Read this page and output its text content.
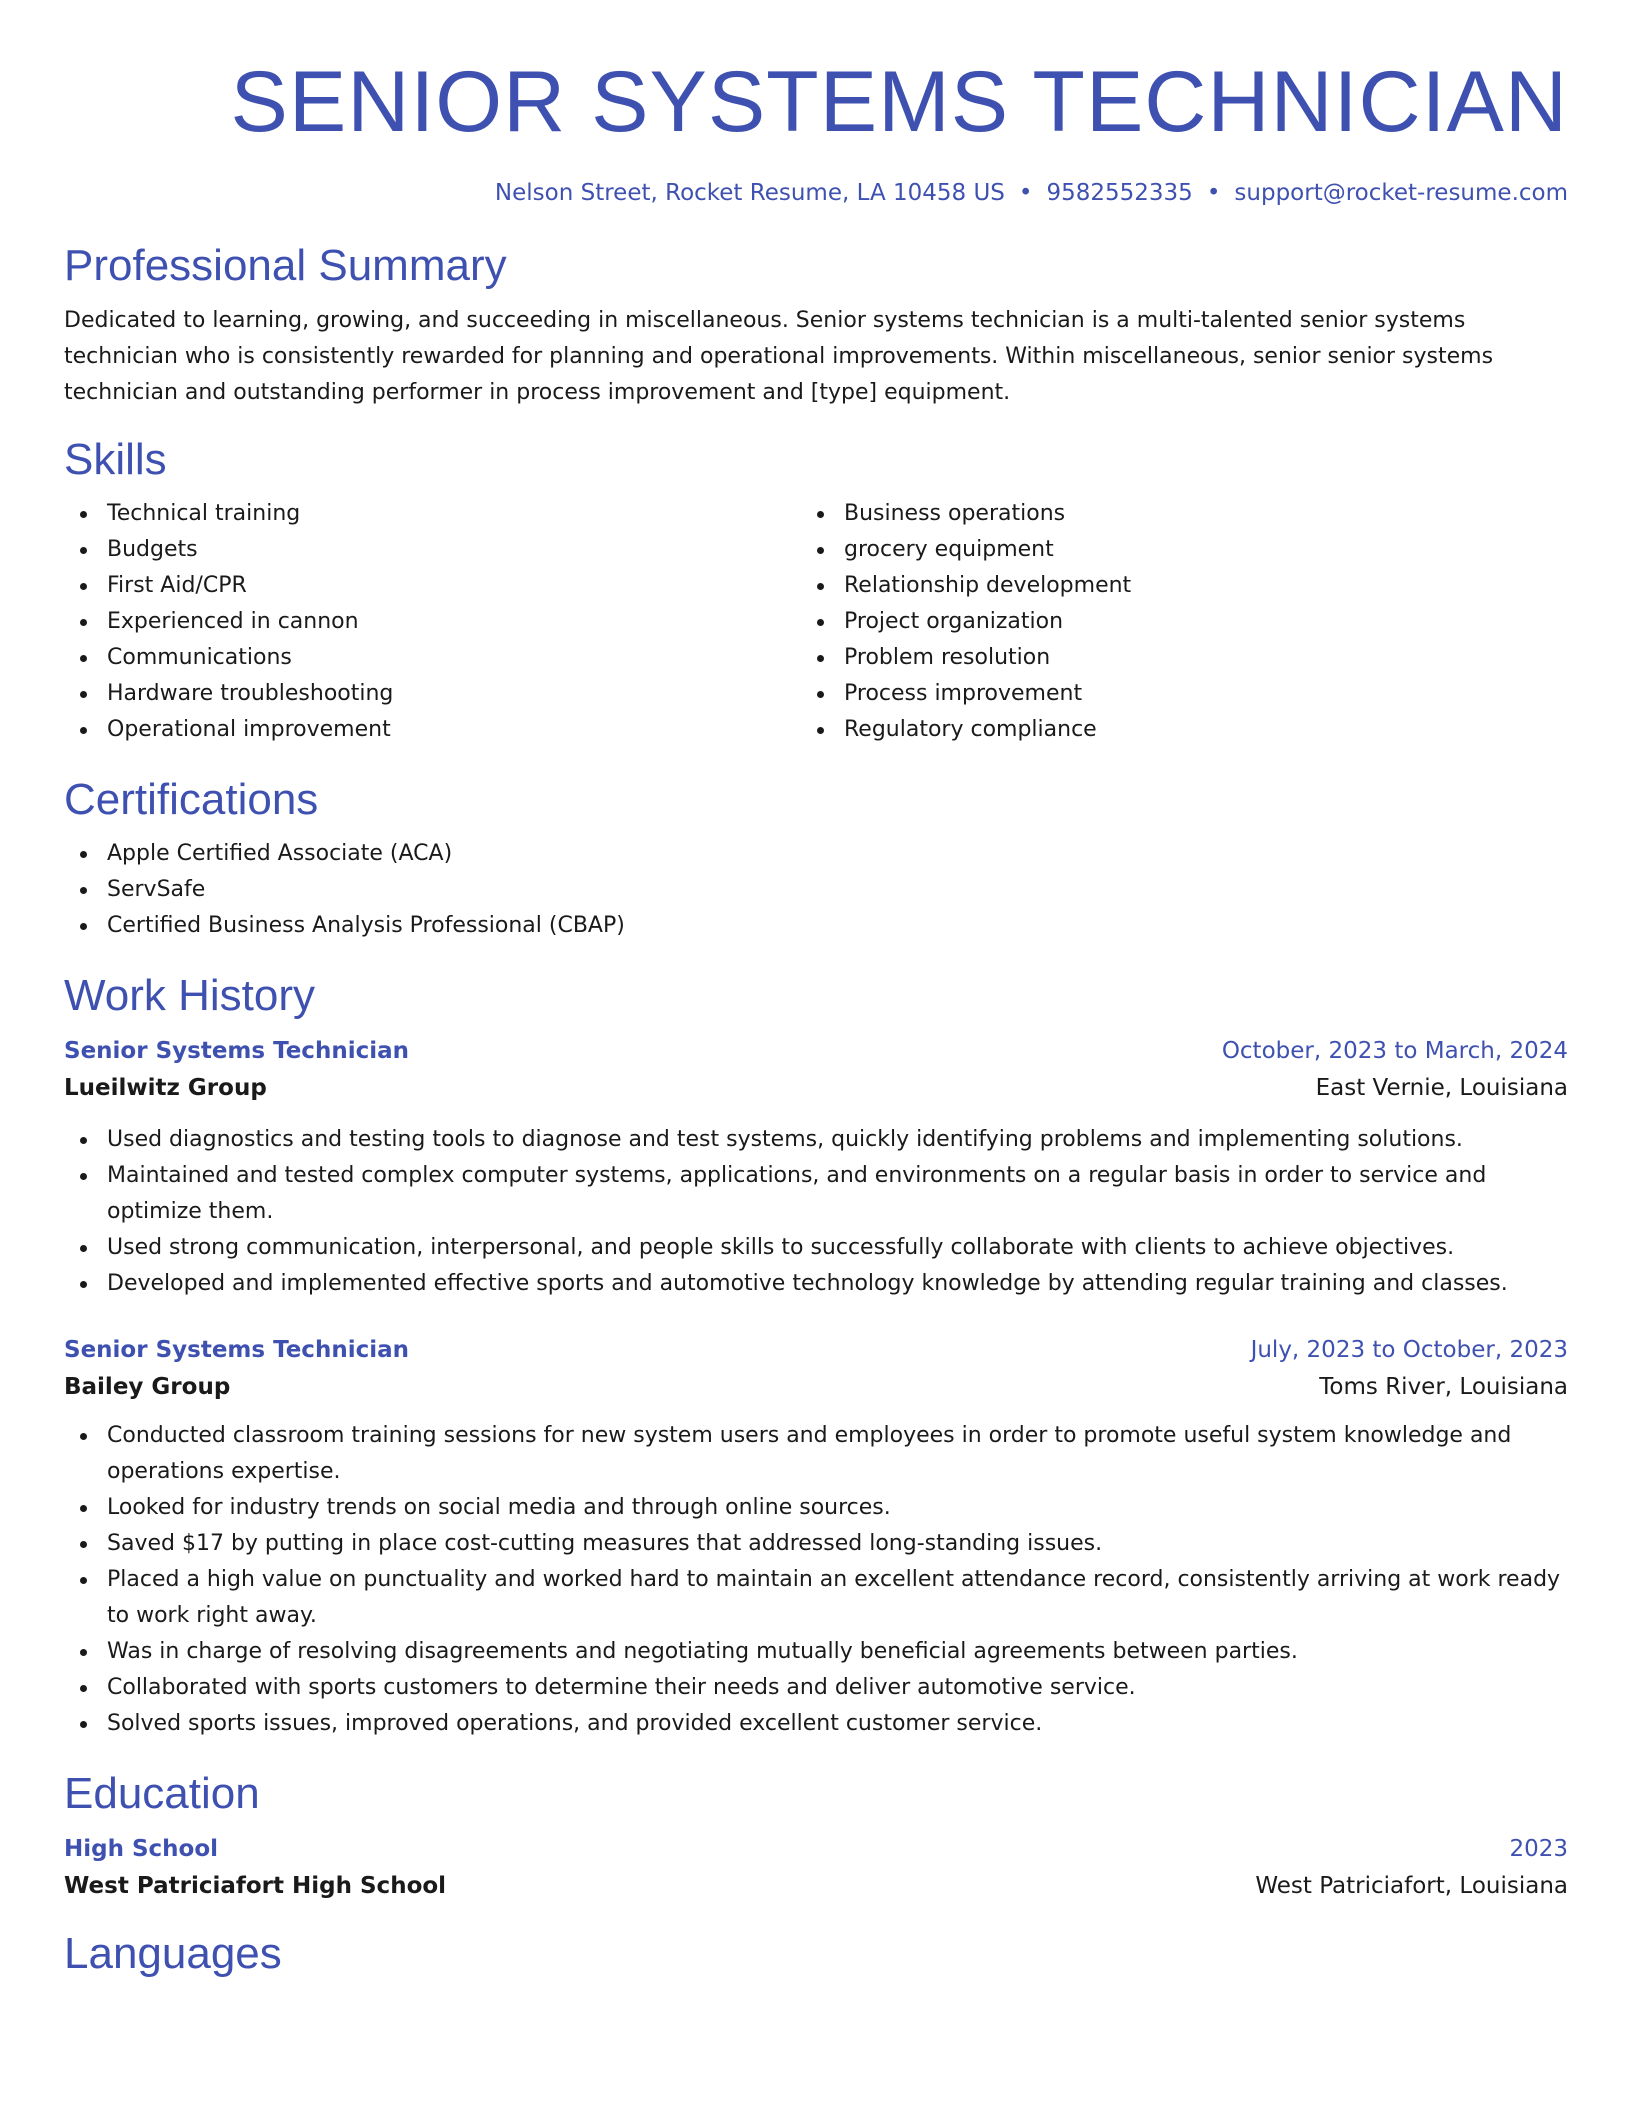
SENIOR SYSTEMS TECHNICIAN
Nelson Street, Rocket Resume, LA 10458 US • 9582552335 • support@rocket-resume.com
Professional Summary

Dedicated to learning, growing, and succeeding in miscellaneous. Senior systems technician is a multi-talented senior systems technician who is consistently rewarded for planning and operational improvements. Within miscellaneous, senior senior systems technician and outstanding performer in process improvement and [type] equipment.

Skills
Technical training
Budgets
First Aid/CPR
Experienced in cannon
Communications
Hardware troubleshooting
Operational improvement
Business operations
grocery equipment
Relationship development
Project organization
Problem resolution
Process improvement
Regulatory compliance
Certifications
Apple Certified Associate (ACA)
ServSafe
Certified Business Analysis Professional (CBAP)
Work History
Senior Systems Technician	October, 2023 to March, 2024
Lueilwitz Group	East Vernie, Louisiana
Used diagnostics and testing tools to diagnose and test systems, quickly identifying problems and implementing solutions.
Maintained and tested complex computer systems, applications, and environments on a regular basis in order to service and optimize them.
Used strong communication, interpersonal, and people skills to successfully collaborate with clients to achieve objectives.
Developed and implemented effective sports and automotive technology knowledge by attending regular training and classes.
Senior Systems Technician	July, 2023 to October, 2023
Bailey Group	Toms River, Louisiana
Conducted classroom training sessions for new system users and employees in order to promote useful system knowledge and operations expertise.
Looked for industry trends on social media and through online sources.
Saved $17 by putting in place cost-cutting measures that addressed long-standing issues.
Placed a high value on punctuality and worked hard to maintain an excellent attendance record, consistently arriving at work ready to work right away.
Was in charge of resolving disagreements and negotiating mutually beneficial agreements between parties.
Collaborated with sports customers to determine their needs and deliver automotive service.
Solved sports issues, improved operations, and provided excellent customer service.
Education
High School	2023
West Patriciafort High School	West Patriciafort, Louisiana
Languages
